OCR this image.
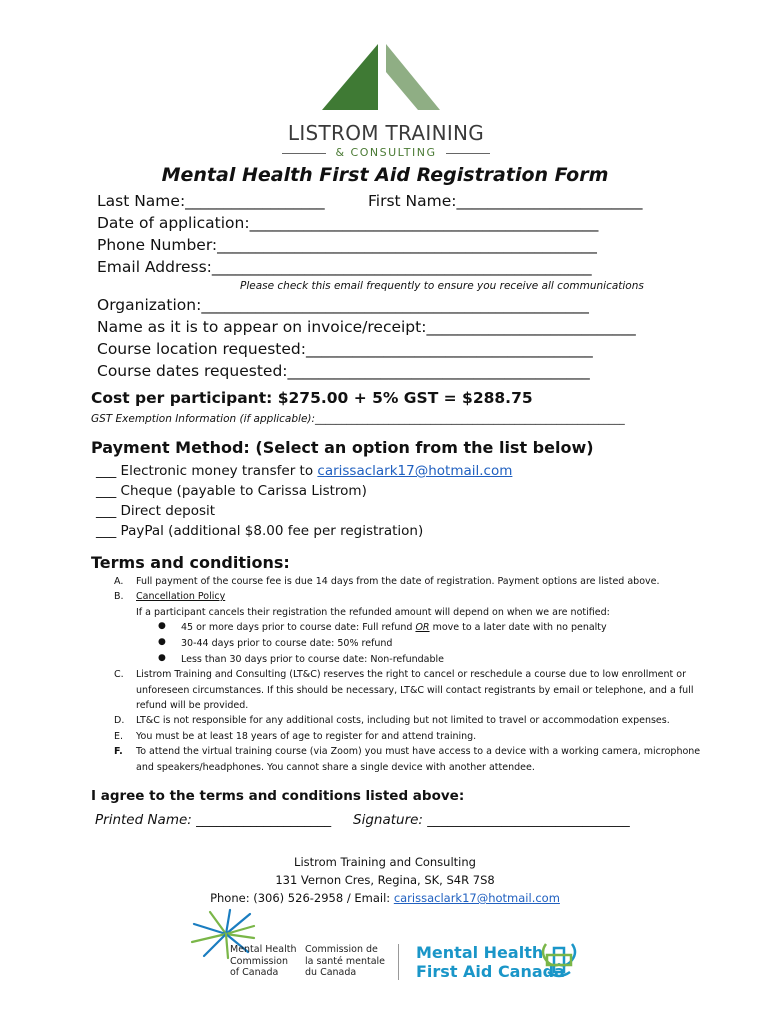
LISTROM TRAINING
& CONSULTING
Mental Health First Aid Registration Form
Last Name:__________________	First Name:________________________
Date of application:_____________________________________________
Phone Number:_________________________________________________
Email Address:_________________________________________________
Please check this email frequently to ensure you receive all communications
Organization:__________________________________________________
Name as it is to appear on invoice/receipt:___________________________
Course location requested:_____________________________________
Course dates requested:_______________________________________
Cost per participant: $275.00 + 5% GST = $288.75
GST Exemption Information (if applicable):___________________________________________________________
Payment Method: (Select an option from the list below)
___ Electronic money transfer to carissaclark17@hotmail.com
___ Cheque (payable to Carissa Listrom)
___ Direct deposit
___ PayPal (additional $8.00 fee per registration)
Terms and conditions:
A. Full payment of the course fee is due 14 days from the date of registration. Payment options are listed above.
B. Cancellation Policy
If a participant cancels their registration the refunded amount will depend on when we are notified:
● 45 or more days prior to course date: Full refund OR move to a later date with no penalty
● 30-44 days prior to course date: 50% refund
● Less than 30 days prior to course date: Non-refundable
C. Listrom Training and Consulting (LT&C) reserves the right to cancel or reschedule a course due to low enrollment or
unforeseen circumstances. If this should be necessary, LT&C will contact registrants by email or telephone, and a full
refund will be provided.
D. LT&C is not responsible for any additional costs, including but not limited to travel or accommodation expenses.
E. You must be at least 18 years of age to register for and attend training.
F. To attend the virtual training course (via Zoom) you must have access to a device with a working camera, microphone
and speakers/headphones. You cannot share a single device with another attendee.
I agree to the terms and conditions listed above:
Printed Name: ____________________ Signature: ______________________________
Listrom Training and Consulting
131 Vernon Cres, Regina, SK, S4R 7S8
Phone: (306) 526-2958 / Email: carissaclark17@hotmail.com
Mental Health
Commission
of Canada
Commission de
la santé mentale
du Canada
Mental Health
First Aid Canada
